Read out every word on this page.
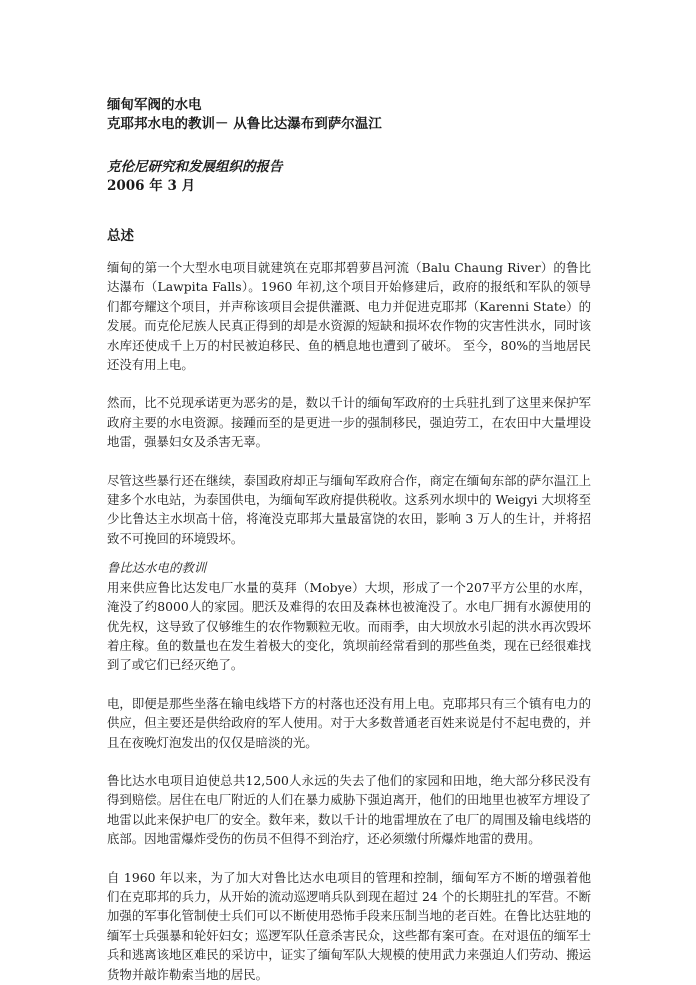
缅甸军阀的水电
克耶邦水电的教训－ 从鲁比达瀑布到萨尔温江
克伦尼研究和发展组织的报告
2006 年 3 月
总述

缅甸的第一个大型水电项目就建筑在克耶邦碧萝昌河流（Balu Chaung River）的鲁比达瀑布（Lawpita Falls）。1960 年初,这个项目开始修建后，政府的报纸和军队的领导们都夸耀这个项目，并声称该项目会提供灌溉、电力并促进克耶邦（Karenni State）的发展。而克伦尼族人民真正得到的却是水资源的短缺和损坏农作物的灾害性洪水，同时该水库还使成千上万的村民被迫移民、鱼的栖息地也遭到了破坏。 至今，80%的当地居民还没有用上电。

然而，比不兑现承诺更为恶劣的是，数以千计的缅甸军政府的士兵驻扎到了这里来保护军政府主要的水电资源。接踵而至的是更进一步的强制移民，强迫劳工，在农田中大量埋设地雷，强暴妇女及杀害无辜。

尽管这些暴行还在继续，泰国政府却正与缅甸军政府合作，商定在缅甸东部的萨尔温江上建多个水电站，为泰国供电，为缅甸军政府提供税收。这系列水坝中的 Weigyi 大坝将至少比鲁达主水坝高十倍，将淹没克耶邦大量最富饶的农田，影响 3 万人的生计，并将招致不可挽回的环境毁坏。

鲁比达水电的教训

用来供应鲁比达发电厂水量的莫拜（Mobye）大坝，形成了一个207平方公里的水库，淹没了约8000人的家园。肥沃及难得的农田及森林也被淹没了。水电厂拥有水源使用的优先权，这导致了仅够维生的农作物颗粒无收。而雨季，由大坝放水引起的洪水再次毁坏着庄稼。鱼的数量也在发生着极大的变化，筑坝前经常看到的那些鱼类，现在已经很难找到了或它们已经灭绝了。

电，即便是那些坐落在输电线塔下方的村落也还没有用上电。克耶邦只有三个镇有电力的供应，但主要还是供给政府的军人使用。对于大多数普通老百姓来说是付不起电费的，并且在夜晚灯泡发出的仅仅是暗淡的光。

鲁比达水电项目迫使总共12,500人永远的失去了他们的家园和田地，绝大部分移民没有得到赔偿。居住在电厂附近的人们在暴力威胁下强迫离开，他们的田地里也被军方埋设了地雷以此来保护电厂的安全。数年来，数以千计的地雷埋放在了电厂的周围及输电线塔的底部。因地雷爆炸受伤的伤员不但得不到治疗，还必须缴付所爆炸地雷的费用。

自 1960 年以来，为了加大对鲁比达水电项目的管理和控制，缅甸军方不断的增强着他们在克耶邦的兵力，从开始的流动巡逻哨兵队到现在超过 24 个的长期驻扎的军营。不断加强的军事化管制使士兵们可以不断使用恐怖手段来压制当地的老百姓。在鲁比达驻地的缅军士兵强暴和轮奸妇女；巡逻军队任意杀害民众，这些都有案可查。在对退伍的缅军士兵和逃离该地区难民的采访中，证实了缅甸军队大规模的使用武力来强迫人们劳动、搬运货物并敲诈勒索当地的居民。
